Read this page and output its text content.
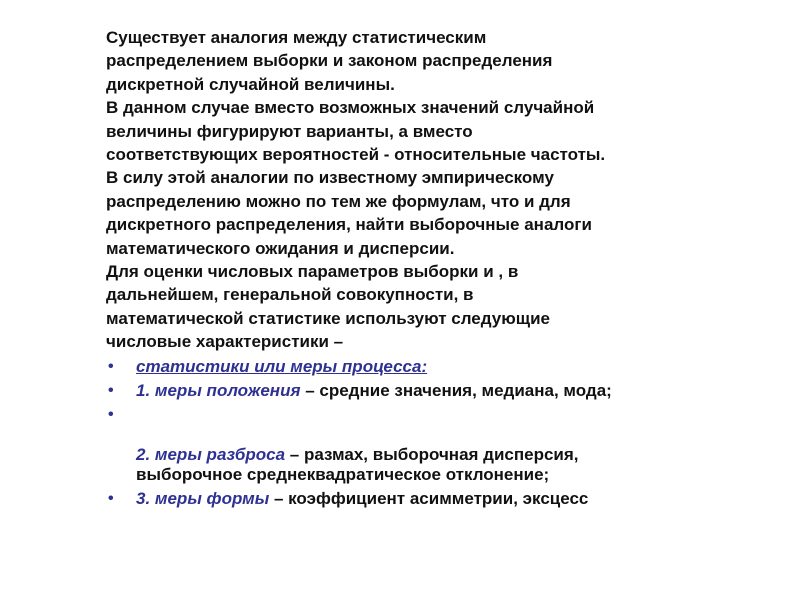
Существует аналогия между статистическим
распределением выборки и законом распределения
дискретной случайной величины.

В данном случае вместо возможных значений случайной
величины фигурируют варианты, а вместо
соответствующих вероятностей - относительные частоты.

В силу этой аналогии по известному эмпирическому
распределению можно по тем же формулам, что и для
дискретного распределения, найти выборочные аналоги
математического ожидания и дисперсии.

Для оценки числовых параметров выборки и , в
дальнейшем, генеральной совокупности, в
математической статистике используют следующие
числовые характеристики –

• статистики или меры процесса:
• 1. меры положения – средние значения, медиана, мода;

•

2. меры разброса – размах, выборочная дисперсия,
выборочное среднеквадратическое отклонение;

• 3. меры формы – коэффициент асимметрии, эксцесс
